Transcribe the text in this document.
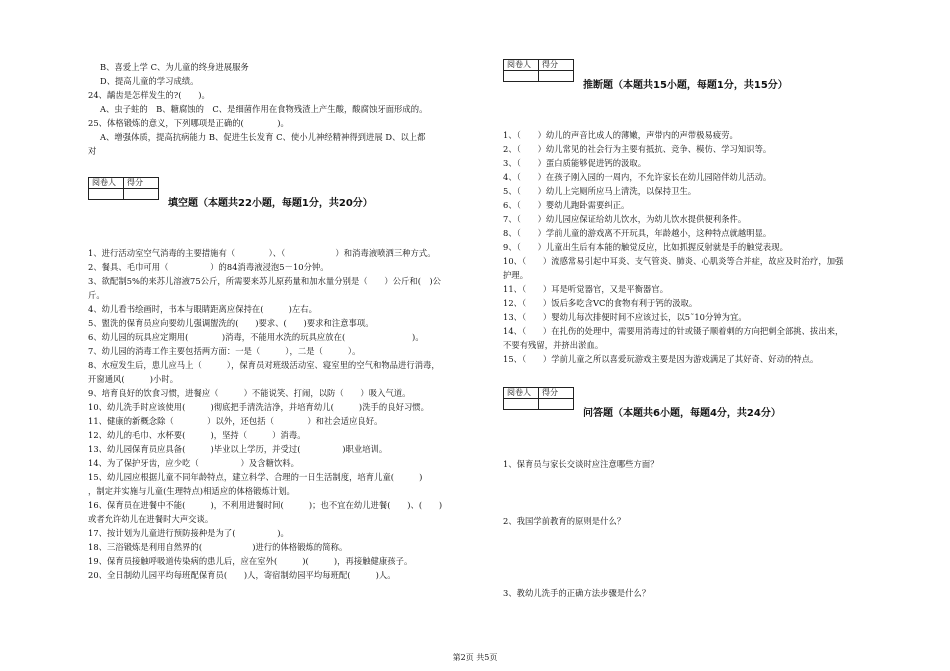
B、喜爱上学 C、为儿童的终身进展服务
D、提高儿童的学习成绩。
24、龋齿是怎样发生的?(　　)。
A、虫子蛀的　B、糖腐蚀的　C、是细菌作用在食物残渣上产生酸，酸腐蚀牙面形成的。
25、体格锻炼的意义，下列哪项是正确的(　　　　)。
A、增强体质，提高抗病能力 B、促进生长发育 C、使小儿神经精神得到进展 D、以上都
对
阅卷人	得分

填空题（本题共22小题，每题1分，共20分）
1、进行活动室空气消毒的主要措施有（　　　　）、（　　　　　　）和消毒液喷洒三种方式。
2、餐具、毛巾可用（　　　　　）的84消毒液浸泡5－10分钟。
3、欲配制5%的来苏儿溶液75公斤，所需要来苏儿原药量和加水量分别是（　　）公斤和(　)公
斤。
4、幼儿看书绘画时，书本与眼睛距离应保持在(　　　)左右。
5、盥洗的保育员应向要幼儿强调盥洗的(　　)要求、(　　)要求和注意事项。
6、幼儿园的玩具应定期用(　　　　)消毒，不能用水洗的玩具应放在(　　　　　　　　)。
7、幼儿园的消毒工作主要包括两方面：一是（　　　），二是（　　　）。
8、水痘发生后，患儿应马上（　　　），保育员对班级活动室、寝室里的空气和物品进行消毒，
开窗通风(　　　)小时。
9、培育良好的饮食习惯，进餐应（　　　）不能说笑、打闹，以防（　　）吸入气道。
10、幼儿洗手时应该使用(　　　)彻底把手清洗洁净，并培育幼儿(　　　)洗手的良好习惯。
11、健康的新概念除（　　　　）以外，还包括（　　　　）和社会适应良好。
12、幼儿的毛巾、水杯要(　　　)，坚持（　　　）消毒。
13、幼儿园保育员应具备(　　　)毕业以上学历，并受过(　　　　　)职业培训。
14、为了保护牙齿，应少吃（　　　　　）及含糖饮料。
15、幼儿园应根据儿童不同年龄特点，建立科学、合理的一日生活制度，培育儿童(　　　)
，制定并实施与儿童(生理特点)相适应的体格锻炼计划。
16、保育员在进餐中不能(　　　)，不利用进餐时间(　　　)；也不宜在幼儿进餐(　　)、(　　)
或者允许幼儿在进餐时大声交谈。
17、按计划为儿童进行预防接种是为了(　　　　　)。
18、三浴锻炼是利用自然界的(　　　　　　)进行的体格锻炼的简称。
19、保育员接触呼吸道传染病的患儿后，应在室外(　　　)(　　　)，再接触健康孩子。
20、全日制幼儿园平均每班配保育员(　　)人，寄宿制幼园平均每班配(　　　)人。
阅卷人	得分

推断题（本题共15小题，每题1分，共15分）
1、（　　）幼儿的声音比成人的薄嫩，声带内的声带极易疲劳。
2、（　　）幼儿常见的社会行为主要有抵抗、竞争、模仿、学习知识等。
3、（　　）蛋白质能够促进钙的汲取。
4、（　　）在孩子刚入园的一周内，不允许家长在幼儿园陪伴幼儿活动。
5、（　　）幼儿上完厕所应马上清洗，以保持卫生。
6、（　　）婴幼儿跑卧需要纠正。
7、（　　）幼儿园应保证给幼儿饮水，为幼儿饮水提供便利条件。
8、（　　）学前儿童的游戏离不开玩具，年龄越小，这种特点就越明显。
9、（　　）儿童出生后有本能的触觉反应，比如抓握反射就是手的触觉表现。
10、（　　）流感常易引起中耳炎、支气管炎、肺炎、心肌炎等合并症，故应及时治疗，加强
护理。
11、（　　）耳是听觉器官，又是平衡器官。
12、（　　）饭后多吃含VC的食物有利于钙的汲取。
13、（　　）婴幼儿每次排便时间不应该过长，以5˜10分钟为宜。
14、（　　）在扎伤的处理中，需要用消毒过的针或镊子顺着刺的方向把刺全部挑、拔出来，
不要有残留，并挤出淤血。
15、（　　）学前儿童之所以喜爱玩游戏主要是因为游戏满足了其好奇、好动的特点。
阅卷人	得分

问答题（本题共6小题，每题4分，共24分）
1、保育员与家长交谈时应注意哪些方面？
2、我国学前教育的原则是什么？
3、教幼儿洗手的正确方法步骤是什么？
第2页 共5页
